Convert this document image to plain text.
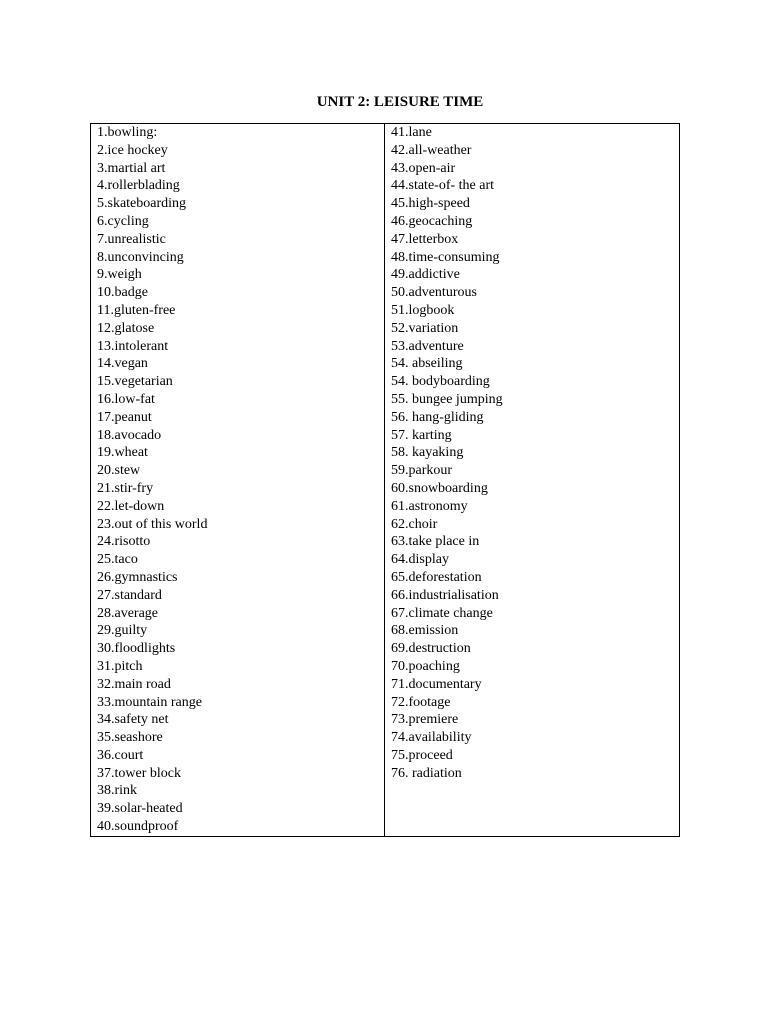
UNIT 2: LEISURE TIME
1.bowling:
2.ice hockey
3.martial art
4.rollerblading
5.skateboarding
6.cycling
7.unrealistic
8.unconvincing
9.weigh
10.badge
11.gluten-free
12.glatose
13.intolerant
14.vegan
15.vegetarian
16.low-fat
17.peanut
18.avocado
19.wheat
20.stew
21.stir-fry
22.let-down
23.out of this world
24.risotto
25.taco
26.gymnastics
27.standard
28.average
29.guilty
30.floodlights
31.pitch
32.main road
33.mountain range
34.safety net
35.seashore
36.court
37.tower block
38.rink
39.solar-heated
40.soundproof

41.lane
42.all-weather
43.open-air
44.state-of- the art
45.high-speed
46.geocaching
47.letterbox
48.time-consuming
49.addictive
50.adventurous
51.logbook
52.variation
53.adventure
54. abseiling
54. bodyboarding
55. bungee jumping
56. hang-gliding
57. karting
58. kayaking
59.parkour
60.snowboarding
61.astronomy
62.choir
63.take place in
64.display
65.deforestation
66.industrialisation
67.climate change
68.emission
69.destruction
70.poaching
71.documentary
72.footage
73.premiere
74.availability
75.proceed
76. radiation
